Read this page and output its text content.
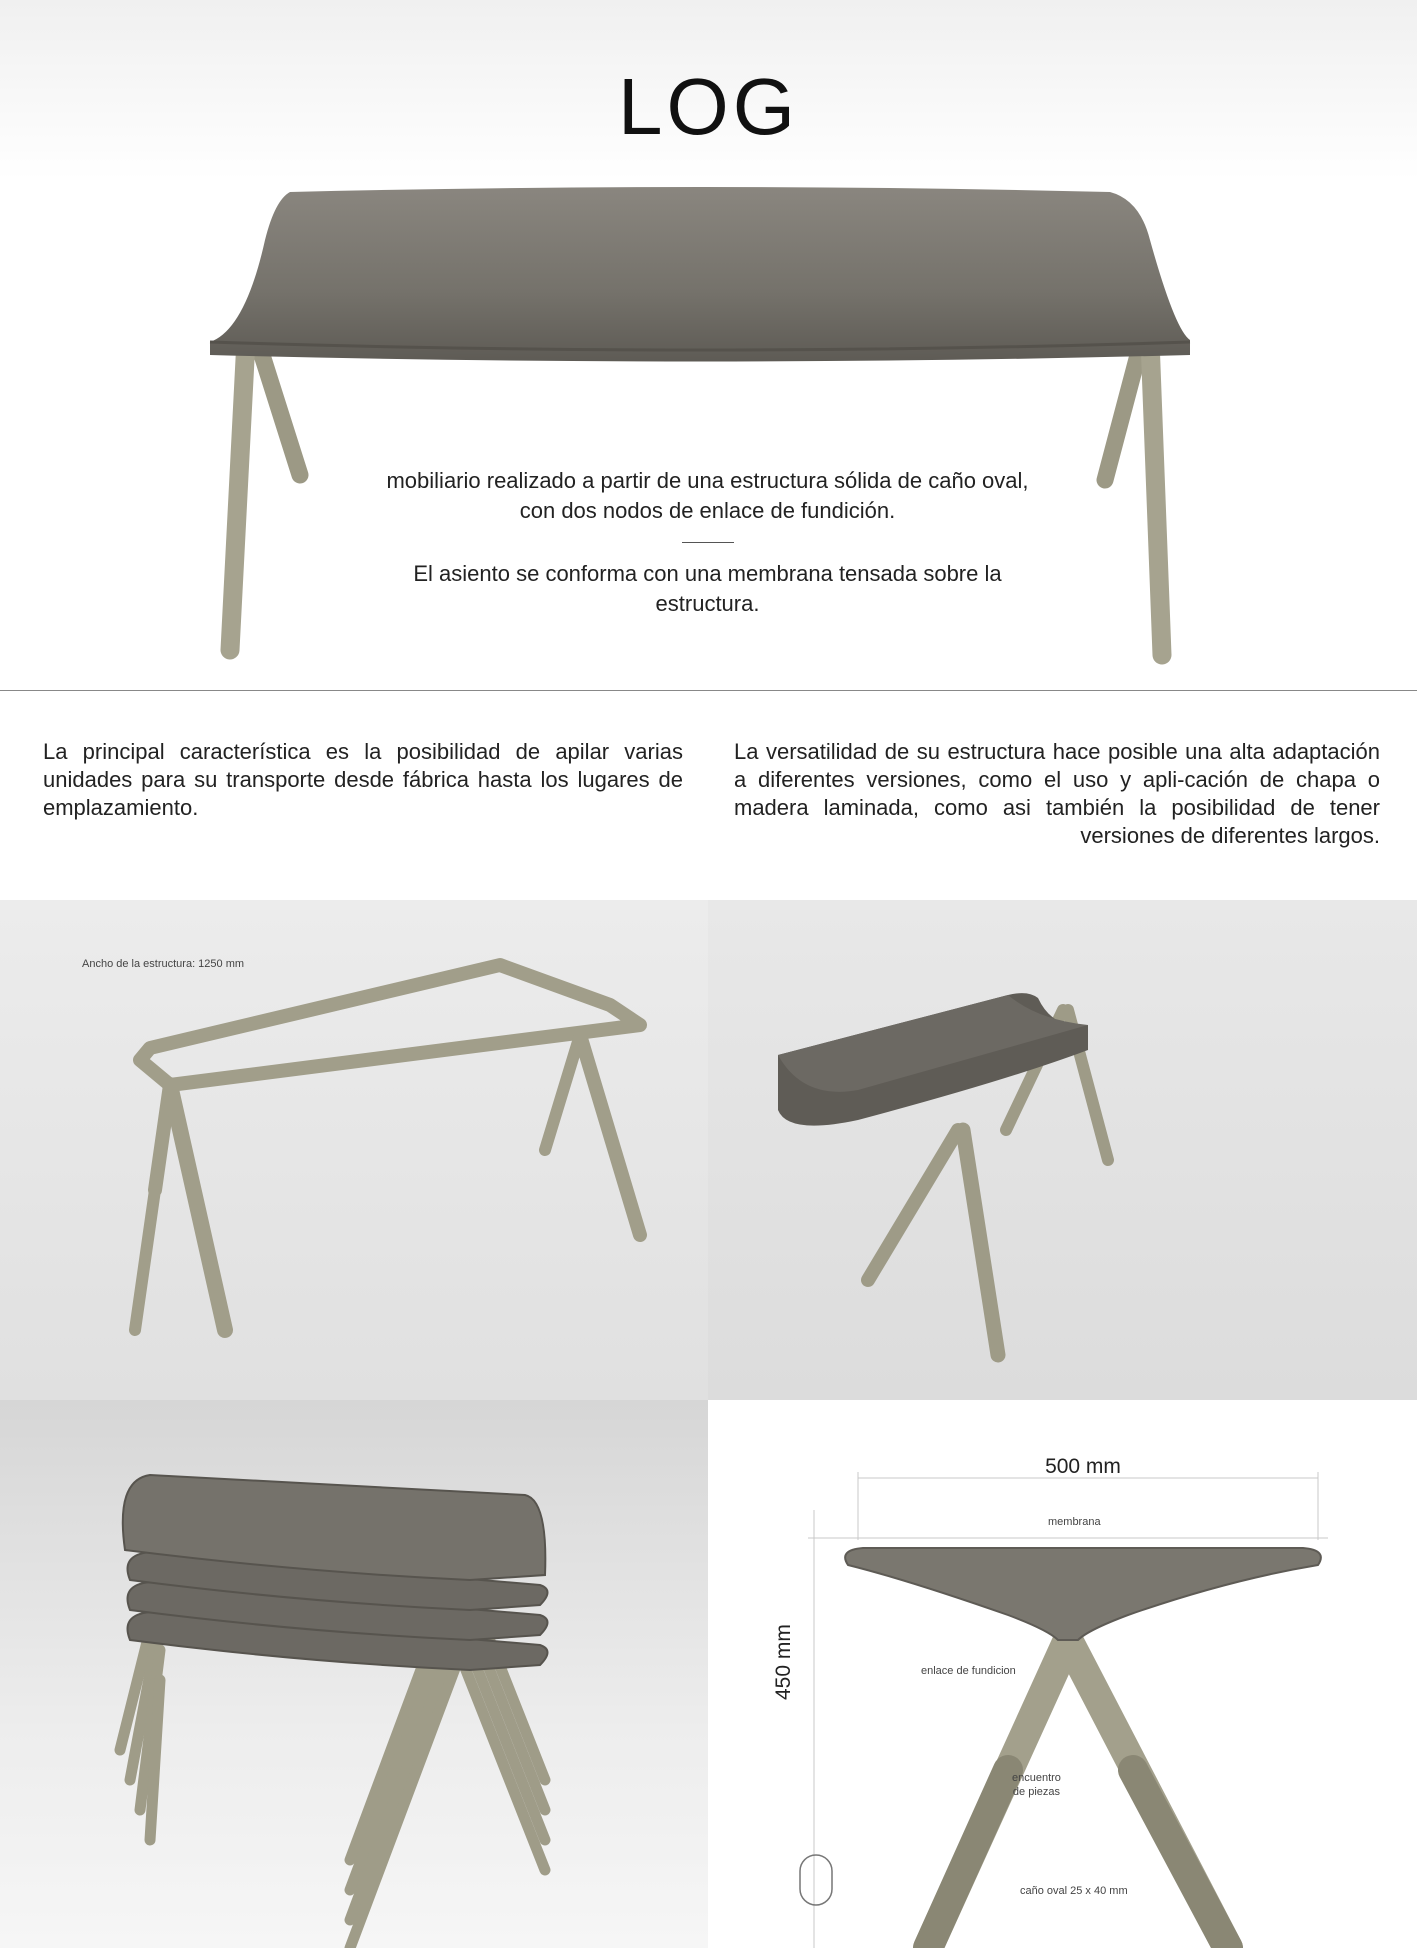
LOG

mobiliario realizado a partir de una estructura sólida de caño oval, con dos nodos de enlace de fundición.

El asiento se conforma con una membrana tensada sobre la estructura.

La principal característica es la posibilidad de apilar varias unidades para su transporte desde fábrica hasta los lugares de emplazamiento.
La versatilidad de su estructura hace posible una alta adaptación a diferentes versiones, como el uso y apli-cación de chapa o madera laminada, como asi también la posibilidad de tener versiones de diferentes largos.
Ancho de la estructura: 1250 mm
500 mm
450 mm
membrana
enlace de fundicion
encuentro
de piezas
caño oval 25 x 40 mm
